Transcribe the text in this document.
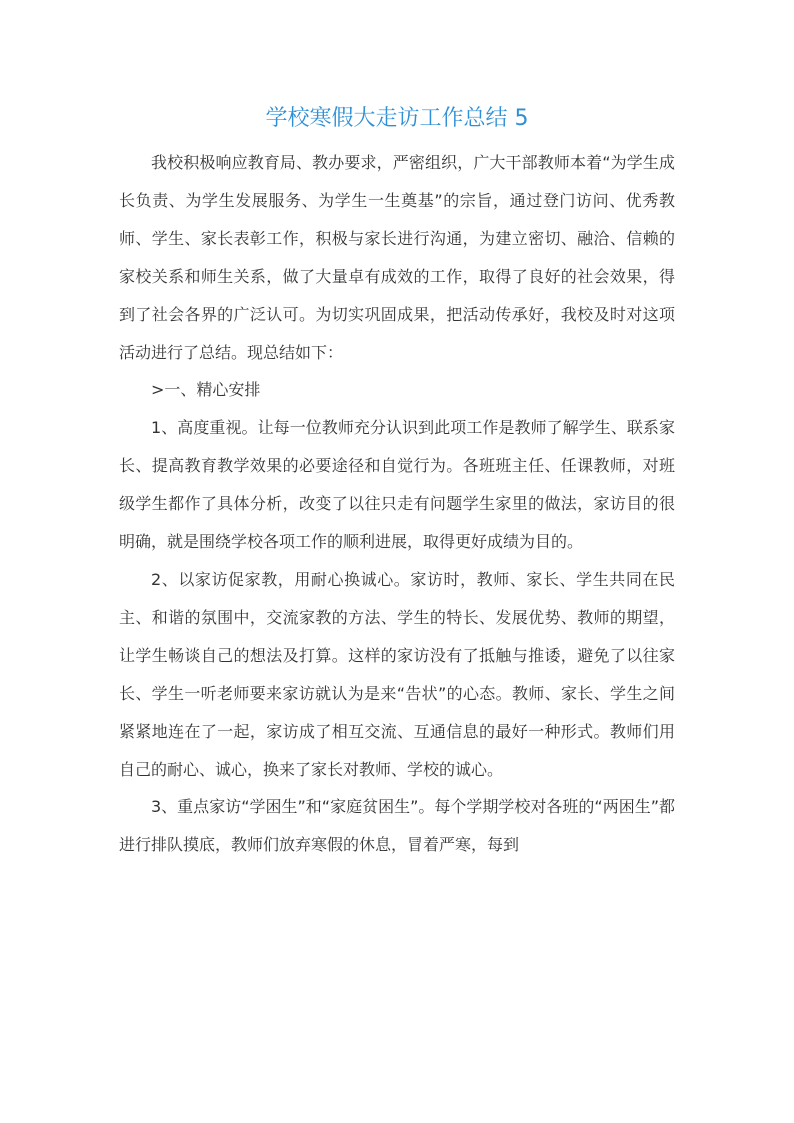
学校寒假大走访工作总结 5

我校积极响应教育局、教办要求，严密组织，广大干部教师本着“为学生成长负责、为学生发展服务、为学生一生奠基”的宗旨，通过登门访问、优秀教师、学生、家长表彰工作，积极与家长进行沟通，为建立密切、融洽、信赖的家校关系和师生关系，做了大量卓有成效的工作，取得了良好的社会效果，得到了社会各界的广泛认可。为切实巩固成果，把活动传承好，我校及时对这项活动进行了总结。现总结如下：

>一、精心安排

1、高度重视。让每一位教师充分认识到此项工作是教师了解学生、联系家长、提高教育教学效果的必要途径和自觉行为。各班班主任、任课教师，对班级学生都作了具体分析，改变了以往只走有问题学生家里的做法，家访目的很明确，就是围绕学校各项工作的顺利进展，取得更好成绩为目的。

2、以家访促家教，用耐心换诚心。家访时，教师、家长、学生共同在民主、和谐的氛围中，交流家教的方法、学生的特长、发展优势、教师的期望，让学生畅谈自己的想法及打算。这样的家访没有了抵触与推诿，避免了以往家长、学生一听老师要来家访就认为是来“告状”的心态。教师、家长、学生之间紧紧地连在了一起，家访成了相互交流、互通信息的最好一种形式。教师们用自己的耐心、诚心，换来了家长对教师、学校的诚心。

3、重点家访“学困生”和“家庭贫困生”。每个学期学校对各班的“两困生”都进行排队摸底，教师们放弃寒假的休息，冒着严寒，每到
